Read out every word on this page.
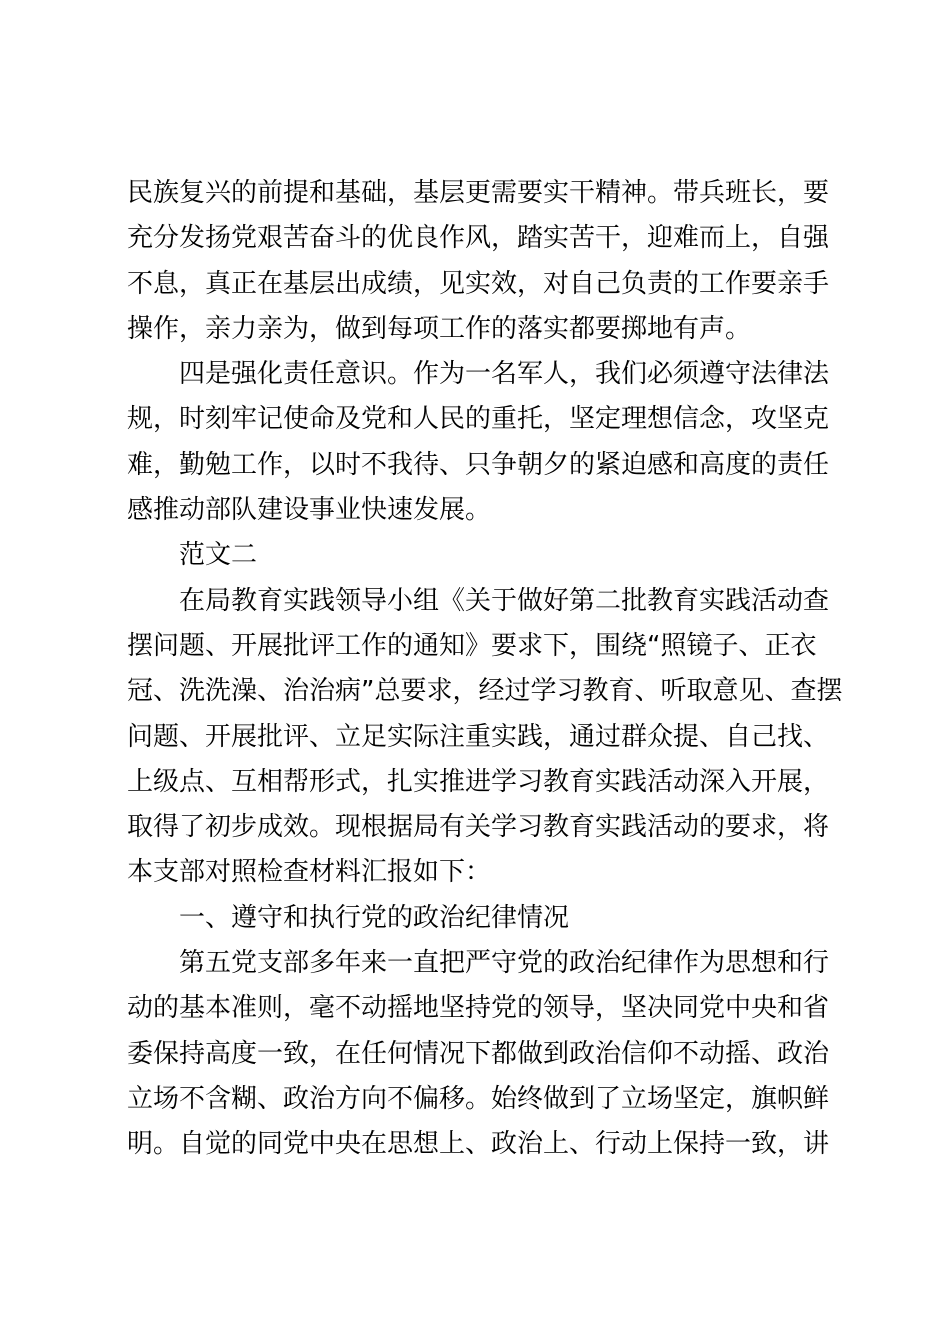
民族复兴的前提和基础，基层更需要实干精神。带兵班长，要
充分发扬党艰苦奋斗的优良作风，踏实苦干，迎难而上，自强
不息，真正在基层出成绩，见实效，对自己负责的工作要亲手
操作，亲力亲为，做到每项工作的落实都要掷地有声。
四是强化责任意识。作为一名军人，我们必须遵守法律法
规，时刻牢记使命及党和人民的重托，坚定理想信念，攻坚克
难，勤勉工作，以时不我待、只争朝夕的紧迫感和高度的责任
感推动部队建设事业快速发展。
范文二
在局教育实践领导小组《关于做好第二批教育实践活动查
摆问题、开展批评工作的通知》要求下，围绕“照镜子、正衣
冠、洗洗澡、治治病”总要求，经过学习教育、听取意见、查摆
问题、开展批评、立足实际注重实践，通过群众提、自己找、
上级点、互相帮形式，扎实推进学习教育实践活动深入开展，
取得了初步成效。现根据局有关学习教育实践活动的要求，将
本支部对照检查材料汇报如下：
一、遵守和执行党的政治纪律情况
第五党支部多年来一直把严守党的政治纪律作为思想和行
动的基本准则，毫不动摇地坚持党的领导，坚决同党中央和省
委保持高度一致，在任何情况下都做到政治信仰不动摇、政治
立场不含糊、政治方向不偏移。始终做到了立场坚定，旗帜鲜
明。自觉的同党中央在思想上、政治上、行动上保持一致，讲
